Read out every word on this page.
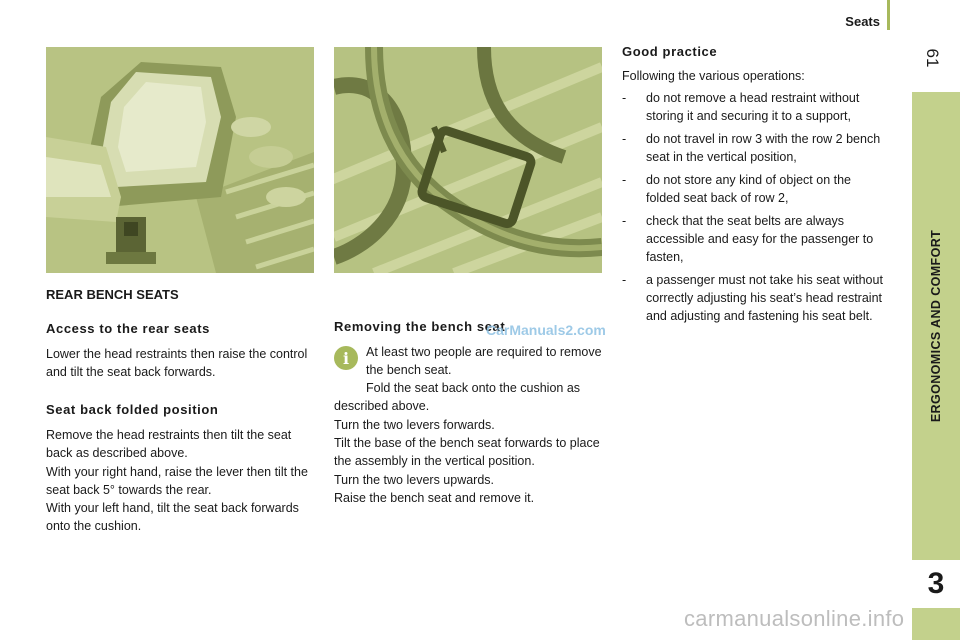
Seats
61
ERGONOMICS AND COMFORT
3
REAR BENCH SEATS
Access to the rear seats

Lower the head restraints then raise the control and tilt the seat back forwards.

Seat back folded position

Remove the head restraints then tilt the seat back as described above.

With your right hand, raise the lever then tilt the seat back 5° towards the rear.

With your left hand, tilt the seat back forwards onto the cushion.

Removing the bench seat
i	At least two people are required to remove the bench seat.

Fold the seat back onto the cushion as described above.

Turn the two levers forwards.

Tilt the base of the bench seat forwards to place the assembly in the vertical position.

Turn the two levers upwards.

Raise the bench seat and remove it.

Good practice

Following the various operations:

- do not remove a head restraint without storing it and securing it to a support,
- do not travel in row 3 with the row 2 bench seat in the vertical position,
- do not store any kind of object on the folded seat back of row 2,
- check that the seat belts are always accessible and easy for the passenger to fasten,
- a passenger must not take his seat without correctly adjusting his seat’s head restraint and adjusting and fastening his seat belt.
CarManuals2.com
carmanualsonline.info
